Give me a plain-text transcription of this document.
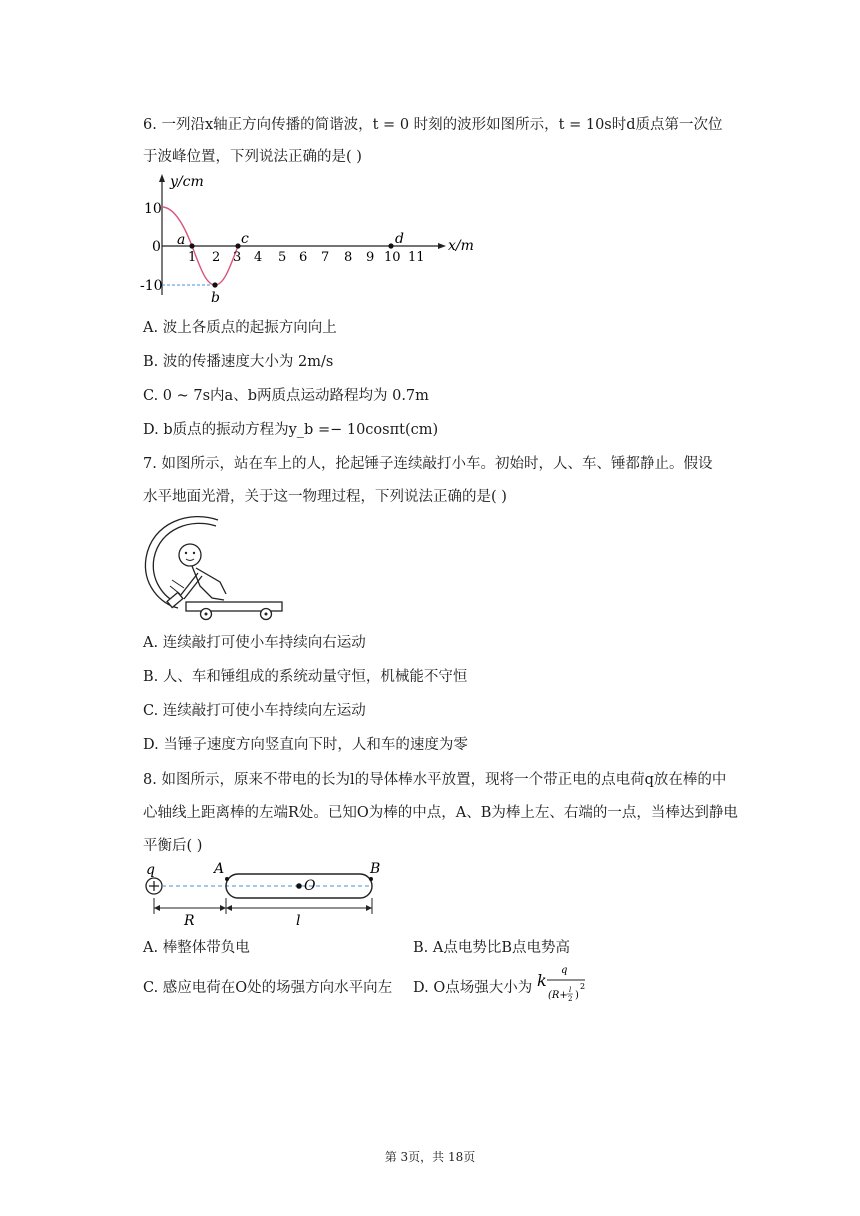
6. 一列沿x轴正方向传播的简谐波，t = 0 时刻的波形如图所示，t = 10s时d质点第一次位
于波峰位置，下列说法正确的是( )
y/cm
x/m
10
0
-10
1 2 3 4 5 6 7 8 9 10 11
a
b
c	d
A. 波上各质点的起振方向向上
B. 波的传播速度大小为 2m/s
C. 0 ~ 7s内a、b两质点运动路程均为 0.7m
D. b质点的振动方程为y_b =− 10cosπt(cm)
7. 如图所示，站在车上的人，抡起锤子连续敲打小车。初始时，人、车、锤都静止。假设
水平地面光滑，关于这一物理过程，下列说法正确的是( )
A. 连续敲打可使小车持续向右运动
B. 人、车和锤组成的系统动量守恒，机械能不守恒
C. 连续敲打可使小车持续向左运动
D. 当锤子速度方向竖直向下时，人和车的速度为零
8. 如图所示，原来不带电的长为l的导体棒水平放置，现将一个带正电的点电荷q放在棒的中
心轴线上距离棒的左端R处。已知O为棒的中点，A、B为棒上左、右端的一点，当棒达到静电
平衡后( )
q	A
O
B
R	l
A. 棒整体带负电	B. A点电势比B点电势高
C. 感应电荷在O处的场强方向水平向左 D. O点场强大小为 k
q
(R+ l
2 )
2
第 3页，共 18页
